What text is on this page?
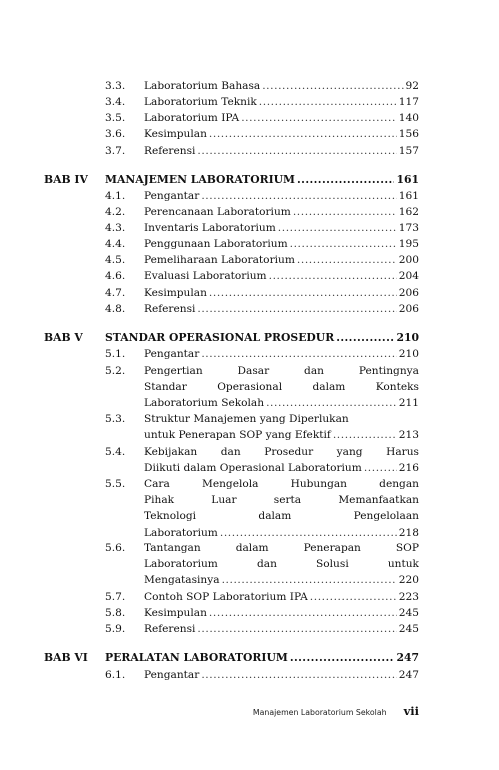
3.3. Laboratorium Bahasa .....	92
3.4. Laboratorium Teknik .....	117
3.5. Laboratorium IPA .....	140
3.6. Kesimpulan .....	156
3.7. Referensi .....	157
BAB IV MANAJEMEN LABORATORIUM .....	161
4.1. Pengantar .....	161
4.2. Perencanaan Laboratorium .....	162
4.3. Inventaris Laboratorium .....	173
4.4. Penggunaan Laboratorium .....	195
4.5. Pemeliharaan Laboratorium .....	200
4.6. Evaluasi Laboratorium .....	204
4.7. Kesimpulan .....	206
4.8. Referensi .....	206
BAB V STANDAR OPERASIONAL PROSEDUR .....	210
5.1. Pengantar .....	210
5.2. Pengertian	Dasar	dan	Pentingnya
Standar	Operasional	dalam	Konteks
Laboratorium Sekolah .....	211
5.3. Struktur Manajemen yang Diperlukan
untuk Penerapan SOP yang Efektif .....	213
5.4. Kebijakan dan Prosedur yang Harus
Diikuti dalam Operasional Laboratorium .....	216
5.5. Cara	Mengelola	Hubungan	dengan
Pihak	Luar	serta	Memanfaatkan
Teknologi	dalam	Pengelolaan
Laboratorium .....	218
5.6. Tantangan	dalam	Penerapan	SOP
Laboratorium	dan	Solusi	untuk
Mengatasinya .....	220
5.7. Contoh SOP Laboratorium IPA .....	223
5.8. Kesimpulan .....	245
5.9. Referensi .....	245
BAB VI PERALATAN LABORATORIUM .....	247
6.1. Pengantar .....	247
Manajemen Laboratorium Sekolah vii
